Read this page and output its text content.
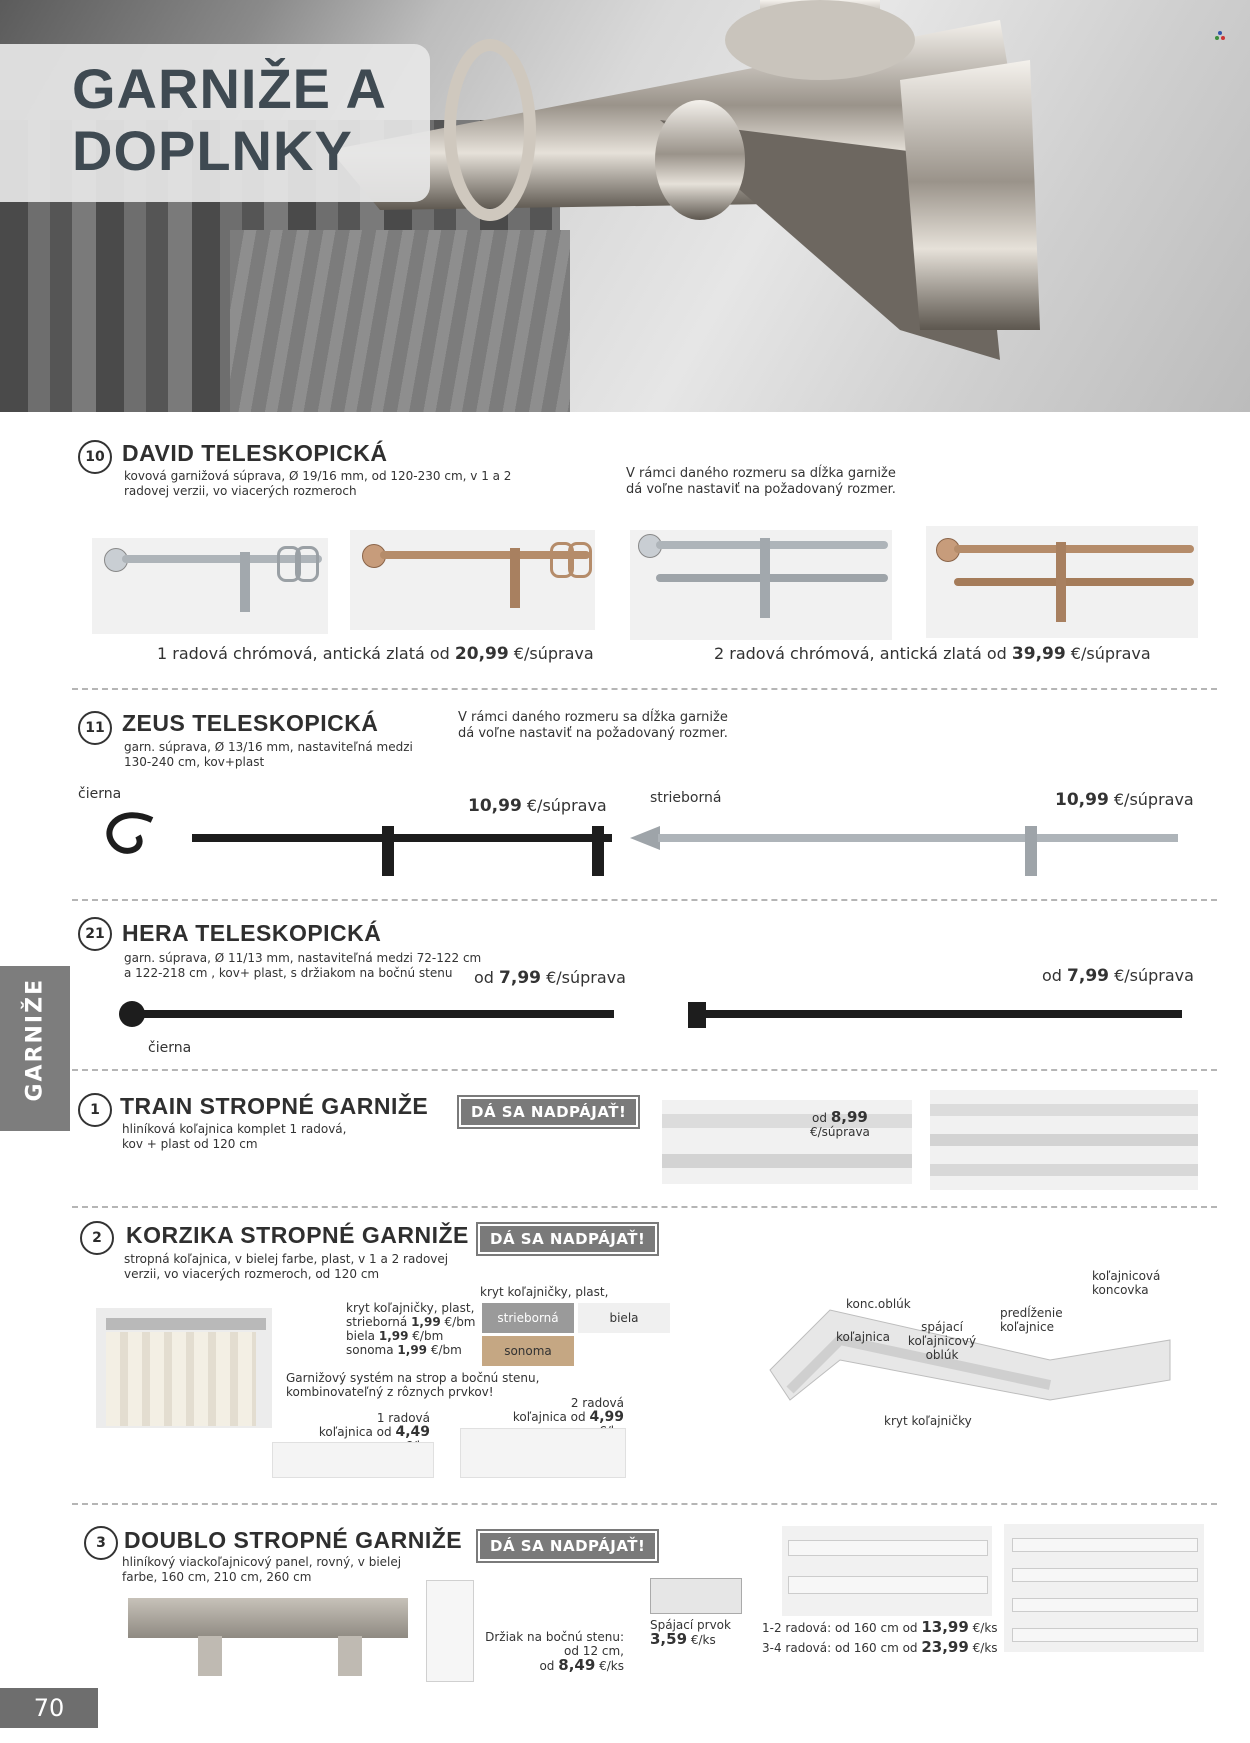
GARNIŽE A
DOPLNKY
GARNIŽE
10 DAVID TELESKOPICKÁ
kovová garnižová súprava, Ø 19/16 mm, od 120-230 cm, v 1 a 2 radovej verzii, vo viacerých rozmeroch
V rámci daného rozmeru sa dĺžka garniže dá voľne nastaviť na požadovaný rozmer.
1 radová chrómová, antická zlatá od 20,99 €/súprava	2 radová chrómová, antická zlatá od 39,99 €/súprava
11 ZEUS TELESKOPICKÁ
garn. súprava, Ø 13/16 mm, nastaviteľná medzi 130-240 cm, kov+plast
V rámci daného rozmeru sa dĺžka garniže dá voľne nastaviť na požadovaný rozmer.
čierna
10,99 €/súprava	strieborná	10,99 €/súprava
21 HERA TELESKOPICKÁ
garn. súprava, Ø 11/13 mm, nastaviteľná medzi 72-122 cm a 122-218 cm , kov+ plast, s držiakom na bočnú stenu	od 7,99 €/súprava	od 7,99 €/súprava
čierna
1 TRAIN STROPNÉ GARNIŽE	DÁ SA NADPÁJAŤ!
hliníková koľajnica komplet 1 radová, kov + plast od 120 cm
od 8,99
€/súprava
2	KORZIKA STROPNÉ GARNIŽE	DÁ SA NADPÁJAŤ!
stropná koľajnica, v bielej farbe, plast, v 1 a 2 radovej verzii, vo viacerých rozmeroch, od 120 cm
kryt koľajničky, plast,
strieborná 1,99 €/bm
biela 1,99 €/bm
sonoma 1,99 €/bm
kryt koľajničky, plast,
strieborná	biela
sonoma
Garnižový systém na strop a bočnú stenu, kombinovateľný z rôznych prvkov!
1 radová
koľajnica od 4,49
2 radová
koľajnica od 4,99
konc.oblúk
koľajnica
spájací koľajnicový oblúk
predĺženie koľajnice
koľajnicová koncovka
kryt koľajničky
3 DOUBLO STROPNÉ GARNIŽE	DÁ SA NADPÁJAŤ!
hliníkový viackoľajnicový panel, rovný, v bielej farbe, 160 cm, 210 cm, 260 cm
Spájací prvok
3,59 €/ks
Držiak na bočnú stenu:
od 12 cm,
od 8,49 €/ks
1-2 radová: od 160 cm od 13,99 €/ks
3-4 radová: od 160 cm od 23,99 €/ks
70
